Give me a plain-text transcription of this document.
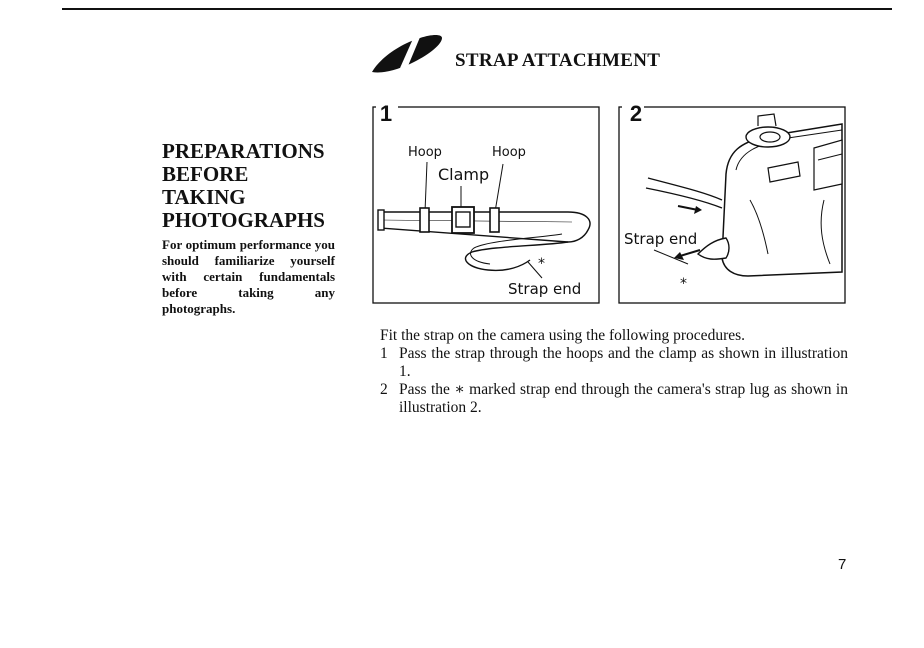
STRAP ATTACHMENT
PREPARATIONS
BEFORE
TAKING
PHOTOGRAPHS
For optimum performance you should familiarize yourself with certain fundamentals before taking any photographs.
1
Hoop	Hoop
Clamp
*
Strap end
2
Strap end
*

Fit the strap on the camera using the following procedures.

1 Pass the strap through the hoops and the clamp as shown in illustration 1.
2 Pass the ∗ marked strap end through the camera's strap lug as shown in illustration 2.
7
